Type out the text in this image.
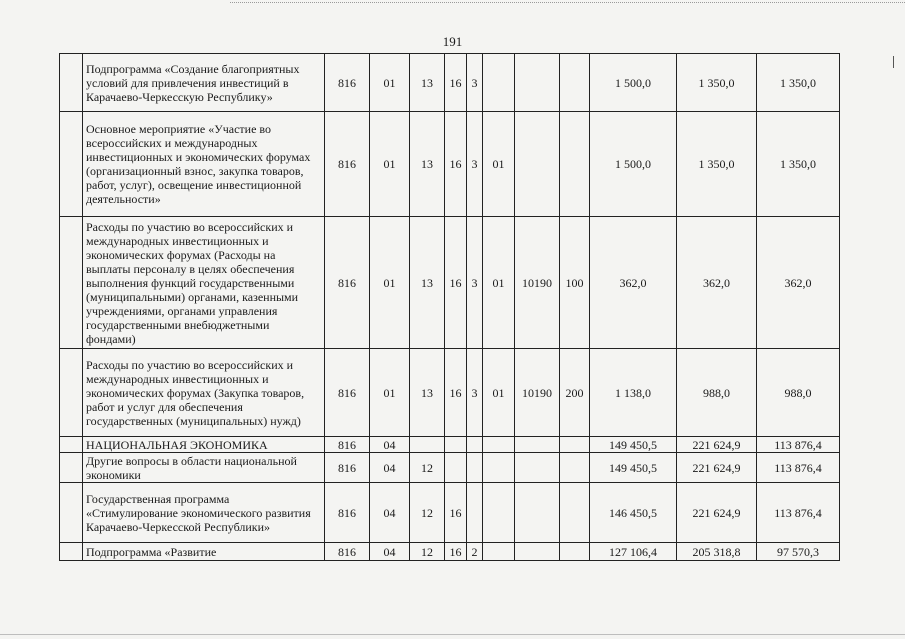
191
	Подпрограмма «Создание благоприятных условий для привлечения инвестиций в Карачаево-Черкесскую Республику»	816	01	13	16	3				1 500,0	1 350,0	1 350,0
	Основное мероприятие «Участие во всероссийских и международных инвестиционных и экономических форумах (организационный взнос, закупка товаров, работ, услуг), освещение инвестиционной деятельности»	816	01	13	16	3	01			1 500,0	1 350,0	1 350,0
	Расходы по участию во всероссийских и международных инвестиционных и экономических форумах (Расходы на выплаты персоналу в целях обеспечения выполнения функций государственными (муниципальными) органами, казенными учреждениями, органами управления государственными внебюджетными фондами)	816	01	13	16	3	01	10190	100	362,0	362,0	362,0
	Расходы по участию во всероссийских и международных инвестиционных и экономических форумах (Закупка товаров, работ и услуг для обеспечения государственных (муниципальных) нужд)	816	01	13	16	3	01	10190	200	1 138,0	988,0	988,0
	НАЦИОНАЛЬНАЯ ЭКОНОМИКА	816	04							149 450,5	221 624,9	113 876,4
	Другие вопросы в области национальной экономики	816	04	12						149 450,5	221 624,9	113 876,4
	Государственная программа «Стимулирование экономического развития Карачаево-Черкесской Республики»	816	04	12	16					146 450,5	221 624,9	113 876,4
	Подпрограмма «Развитие	816	04	12	16	2				127 106,4	205 318,8	97 570,3
